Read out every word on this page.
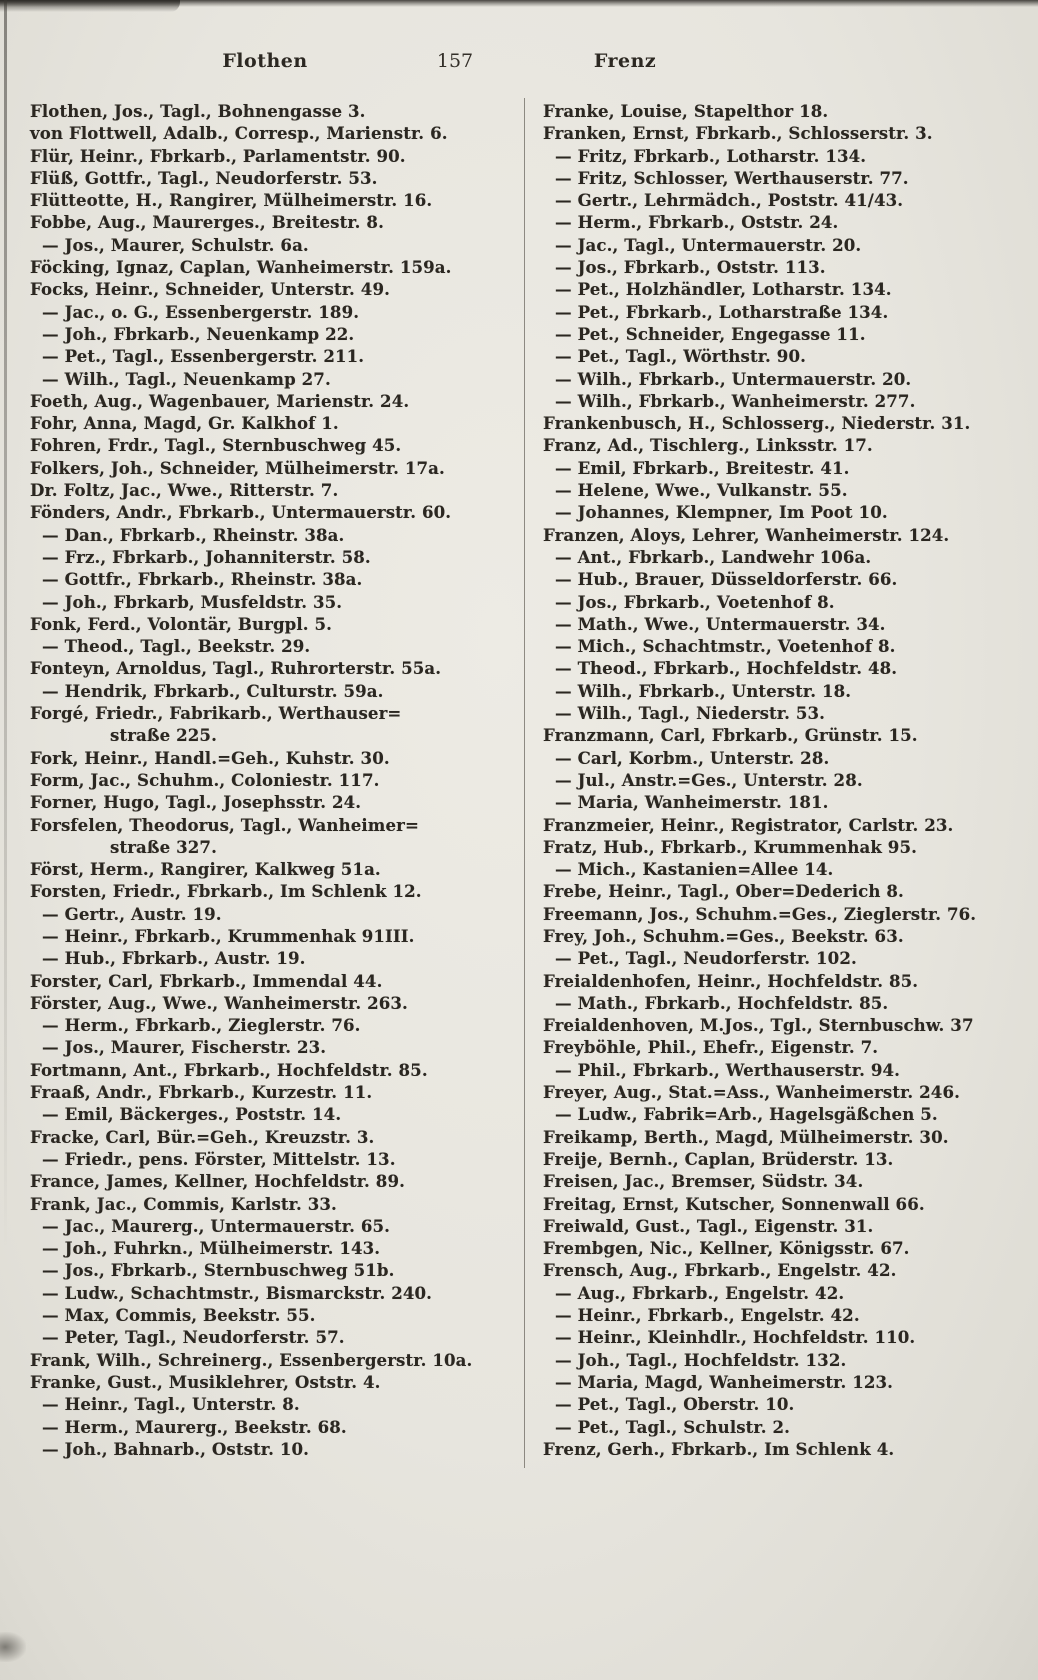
Flothen	157	Frenz
Flothen, Jos., Tagl., Bohnengasse 3.
von Flottwell, Adalb., Corresp., Marienstr. 6.
Flür, Heinr., Fbrkarb., Parlamentstr. 90.
Flüß, Gottfr., Tagl., Neudorferstr. 53.
Flütteotte, H., Rangirer, Mülheimerstr. 16.
Fobbe, Aug., Maurerges., Breitestr. 8.
— Jos., Maurer, Schulstr. 6a.
Föcking, Ignaz, Caplan, Wanheimerstr. 159a.
Focks, Heinr., Schneider, Unterstr. 49.
— Jac., o. G., Essenbergerstr. 189.
— Joh., Fbrkarb., Neuenkamp 22.
— Pet., Tagl., Essenbergerstr. 211.
— Wilh., Tagl., Neuenkamp 27.
Foeth, Aug., Wagenbauer, Marienstr. 24.
Fohr, Anna, Magd, Gr. Kalkhof 1.
Fohren, Frdr., Tagl., Sternbuschweg 45.
Folkers, Joh., Schneider, Mülheimerstr. 17a.
Dr. Foltz, Jac., Wwe., Ritterstr. 7.
Fönders, Andr., Fbrkarb., Untermauerstr. 60.
— Dan., Fbrkarb., Rheinstr. 38a.
— Frz., Fbrkarb., Johanniterstr. 58.
— Gottfr., Fbrkarb., Rheinstr. 38a.
— Joh., Fbrkarb, Musfeldstr. 35.
Fonk, Ferd., Volontär, Burgpl. 5.
— Theod., Tagl., Beekstr. 29.
Fonteyn, Arnoldus, Tagl., Ruhrorterstr. 55a.
— Hendrik, Fbrkarb., Culturstr. 59a.
Forgé, Friedr., Fabrikarb., Werthauser=
straße 225.
Fork, Heinr., Handl.=Geh., Kuhstr. 30.
Form, Jac., Schuhm., Coloniestr. 117.
Forner, Hugo, Tagl., Josephsstr. 24.
Forsfelen, Theodorus, Tagl., Wanheimer=
straße 327.
Först, Herm., Rangirer, Kalkweg 51a.
Forsten, Friedr., Fbrkarb., Im Schlenk 12.
— Gertr., Austr. 19.
— Heinr., Fbrkarb., Krummenhak 91III.
— Hub., Fbrkarb., Austr. 19.
Forster, Carl, Fbrkarb., Immendal 44.
Förster, Aug., Wwe., Wanheimerstr. 263.
— Herm., Fbrkarb., Zieglerstr. 76.
— Jos., Maurer, Fischerstr. 23.
Fortmann, Ant., Fbrkarb., Hochfeldstr. 85.
Fraaß, Andr., Fbrkarb., Kurzestr. 11.
— Emil, Bäckerges., Poststr. 14.
Fracke, Carl, Bür.=Geh., Kreuzstr. 3.
— Friedr., pens. Förster, Mittelstr. 13.
France, James, Kellner, Hochfeldstr. 89.
Frank, Jac., Commis, Karlstr. 33.
— Jac., Maurerg., Untermauerstr. 65.
— Joh., Fuhrkn., Mülheimerstr. 143.
— Jos., Fbrkarb., Sternbuschweg 51b.
— Ludw., Schachtmstr., Bismarckstr. 240.
— Max, Commis, Beekstr. 55.
— Peter, Tagl., Neudorferstr. 57.
Frank, Wilh., Schreinerg., Essenbergerstr. 10a.
Franke, Gust., Musiklehrer, Oststr. 4.
— Heinr., Tagl., Unterstr. 8.
— Herm., Maurerg., Beekstr. 68.
— Joh., Bahnarb., Oststr. 10.
Franke, Louise, Stapelthor 18.
Franken, Ernst, Fbrkarb., Schlosserstr. 3.
— Fritz, Fbrkarb., Lotharstr. 134.
— Fritz, Schlosser, Werthauserstr. 77.
— Gertr., Lehrmädch., Poststr. 41/43.
— Herm., Fbrkarb., Oststr. 24.
— Jac., Tagl., Untermauerstr. 20.
— Jos., Fbrkarb., Oststr. 113.
— Pet., Holzhändler, Lotharstr. 134.
— Pet., Fbrkarb., Lotharstraße 134.
— Pet., Schneider, Engegasse 11.
— Pet., Tagl., Wörthstr. 90.
— Wilh., Fbrkarb., Untermauerstr. 20.
— Wilh., Fbrkarb., Wanheimerstr. 277.
Frankenbusch, H., Schlosserg., Niederstr. 31.
Franz, Ad., Tischlerg., Linksstr. 17.
— Emil, Fbrkarb., Breitestr. 41.
— Helene, Wwe., Vulkanstr. 55.
— Johannes, Klempner, Im Poot 10.
Franzen, Aloys, Lehrer, Wanheimerstr. 124.
— Ant., Fbrkarb., Landwehr 106a.
— Hub., Brauer, Düsseldorferstr. 66.
— Jos., Fbrkarb., Voetenhof 8.
— Math., Wwe., Untermauerstr. 34.
— Mich., Schachtmstr., Voetenhof 8.
— Theod., Fbrkarb., Hochfeldstr. 48.
— Wilh., Fbrkarb., Unterstr. 18.
— Wilh., Tagl., Niederstr. 53.
Franzmann, Carl, Fbrkarb., Grünstr. 15.
— Carl, Korbm., Unterstr. 28.
— Jul., Anstr.=Ges., Unterstr. 28.
— Maria, Wanheimerstr. 181.
Franzmeier, Heinr., Registrator, Carlstr. 23.
Fratz, Hub., Fbrkarb., Krummenhak 95.
— Mich., Kastanien=Allee 14.
Frebe, Heinr., Tagl., Ober=Dederich 8.
Freemann, Jos., Schuhm.=Ges., Zieglerstr. 76.
Frey, Joh., Schuhm.=Ges., Beekstr. 63.
— Pet., Tagl., Neudorferstr. 102.
Freialdenhofen, Heinr., Hochfeldstr. 85.
— Math., Fbrkarb., Hochfeldstr. 85.
Freialdenhoven, M.Jos., Tgl., Sternbuschw. 37
Freyböhle, Phil., Ehefr., Eigenstr. 7.
— Phil., Fbrkarb., Werthauserstr. 94.
Freyer, Aug., Stat.=Ass., Wanheimerstr. 246.
— Ludw., Fabrik=Arb., Hagelsgäßchen 5.
Freikamp, Berth., Magd, Mülheimerstr. 30.
Freije, Bernh., Caplan, Brüderstr. 13.
Freisen, Jac., Bremser, Südstr. 34.
Freitag, Ernst, Kutscher, Sonnenwall 66.
Freiwald, Gust., Tagl., Eigenstr. 31.
Frembgen, Nic., Kellner, Königsstr. 67.
Frensch, Aug., Fbrkarb., Engelstr. 42.
— Aug., Fbrkarb., Engelstr. 42.
— Heinr., Fbrkarb., Engelstr. 42.
— Heinr., Kleinhdlr., Hochfeldstr. 110.
— Joh., Tagl., Hochfeldstr. 132.
— Maria, Magd, Wanheimerstr. 123.
— Pet., Tagl., Oberstr. 10.
— Pet., Tagl., Schulstr. 2.
Frenz, Gerh., Fbrkarb., Im Schlenk 4.
